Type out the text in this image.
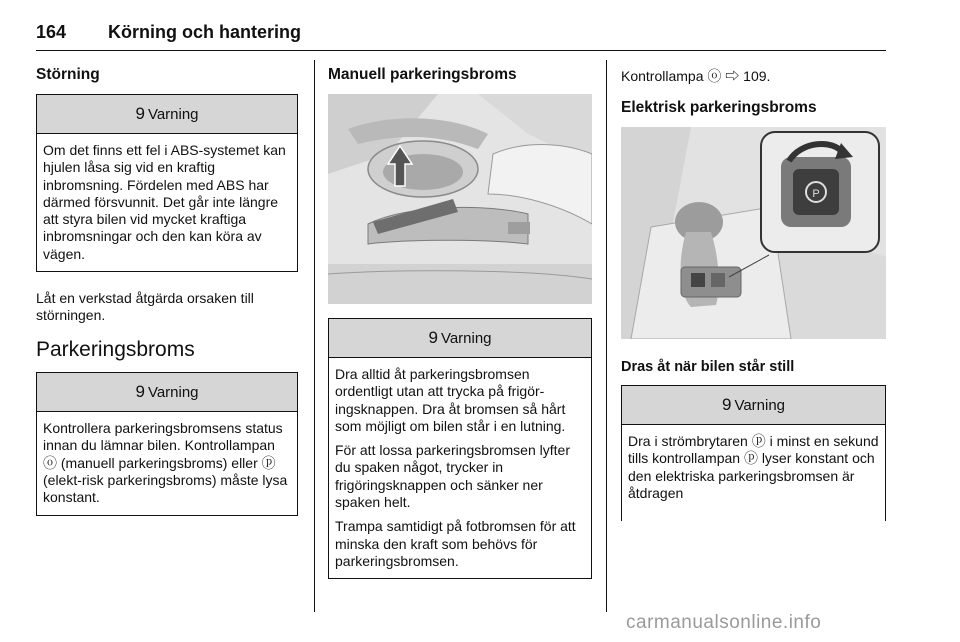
164 Körning och hantering
Störning
9 Varning
Om det finns ett fel i ABS-systemet kan hjulen låsa sig vid en kraftig inbromsning. Fördelen med ABS har därmed försvunnit. Det går inte längre att styra bilen vid mycket kraftiga inbromsningar och den kan köra av vägen.

Låt en verkstad åtgärda orsaken till störningen.

Parkeringsbroms
9 Varning
Kontrollera parkeringsbromsens status innan du lämnar bilen. Kontrollampan ⓞ (manuell parkeringsbroms) eller ⓟ (elekt-risk parkeringsbroms) måste lysa konstant.
Manuell parkeringsbroms
9 Varning

Dra alltid åt parkeringsbromsen ordentligt utan att trycka på frigör-ingsknappen. Dra åt bromsen så hårt som möjligt om bilen står i en lutning.

För att lossa parkeringsbromsen lyfter du spaken något, trycker in frigöringsknappen och sänker ner spaken helt.

Trampa samtidigt på fotbromsen för att minska den kraft som behövs för parkeringsbromsen.

Kontrollampa ⓞ ⇨ 109.

Elektrisk parkeringsbroms
P
Dras åt när bilen står still
9 Varning
Dra i strömbrytaren ⓟ i minst en sekund tills kontrollampan ⓟ lyser konstant och den elektriska parkeringsbromsen är åtdragen
carmanualsonline.info
